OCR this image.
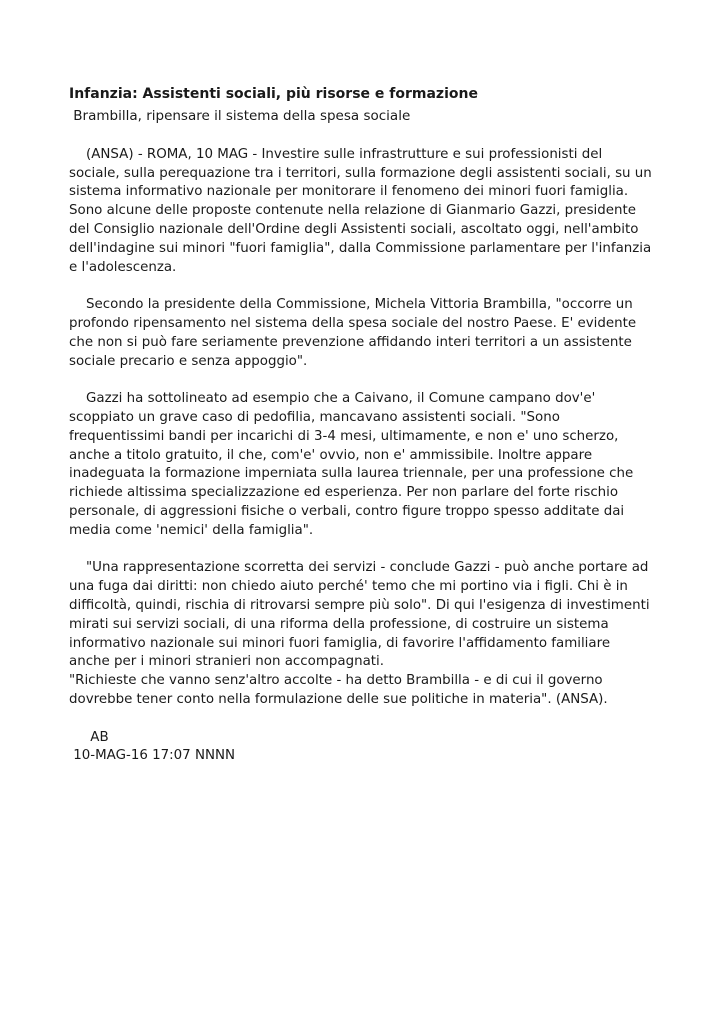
Infanzia: Assistenti sociali, più risorse e formazione

Brambilla, ripensare il sistema della spesa sociale

(ANSA) - ROMA, 10 MAG - Investire sulle infrastrutture e sui professionisti del
sociale, sulla perequazione tra i territori, sulla formazione degli assistenti sociali, su un
sistema informativo nazionale per monitorare il fenomeno dei minori fuori famiglia.
Sono alcune delle proposte contenute nella relazione di Gianmario Gazzi, presidente
del Consiglio nazionale dell'Ordine degli Assistenti sociali, ascoltato oggi, nell'ambito
dell'indagine sui minori "fuori famiglia", dalla Commissione parlamentare per l'infanzia
e l'adolescenza.

Secondo la presidente della Commissione, Michela Vittoria Brambilla, "occorre un
profondo ripensamento nel sistema della spesa sociale del nostro Paese. E' evidente
che non si può fare seriamente prevenzione affidando interi territori a un assistente
sociale precario e senza appoggio".

Gazzi ha sottolineato ad esempio che a Caivano, il Comune campano dov'e'
scoppiato un grave caso di pedofilia, mancavano assistenti sociali. "Sono
frequentissimi bandi per incarichi di 3-4 mesi, ultimamente, e non e' uno scherzo,
anche a titolo gratuito, il che, com'e' ovvio, non e' ammissibile. Inoltre appare
inadeguata la formazione imperniata sulla laurea triennale, per una professione che
richiede altissima specializzazione ed esperienza. Per non parlare del forte rischio
personale, di aggressioni fisiche o verbali, contro figure troppo spesso additate dai
media come 'nemici' della famiglia".

"Una rappresentazione scorretta dei servizi - conclude Gazzi - può anche portare ad
una fuga dai diritti: non chiedo aiuto perché' temo che mi portino via i figli. Chi è in
difficoltà, quindi, rischia di ritrovarsi sempre più solo". Di qui l'esigenza di investimenti
mirati sui servizi sociali, di una riforma della professione, di costruire un sistema
informativo nazionale sui minori fuori famiglia, di favorire l'affidamento familiare
anche per i minori stranieri non accompagnati.
"Richieste che vanno senz'altro accolte - ha detto Brambilla - e di cui il governo
dovrebbe tener conto nella formulazione delle sue politiche in materia". (ANSA).

AB

10-MAG-16 17:07 NNNN
